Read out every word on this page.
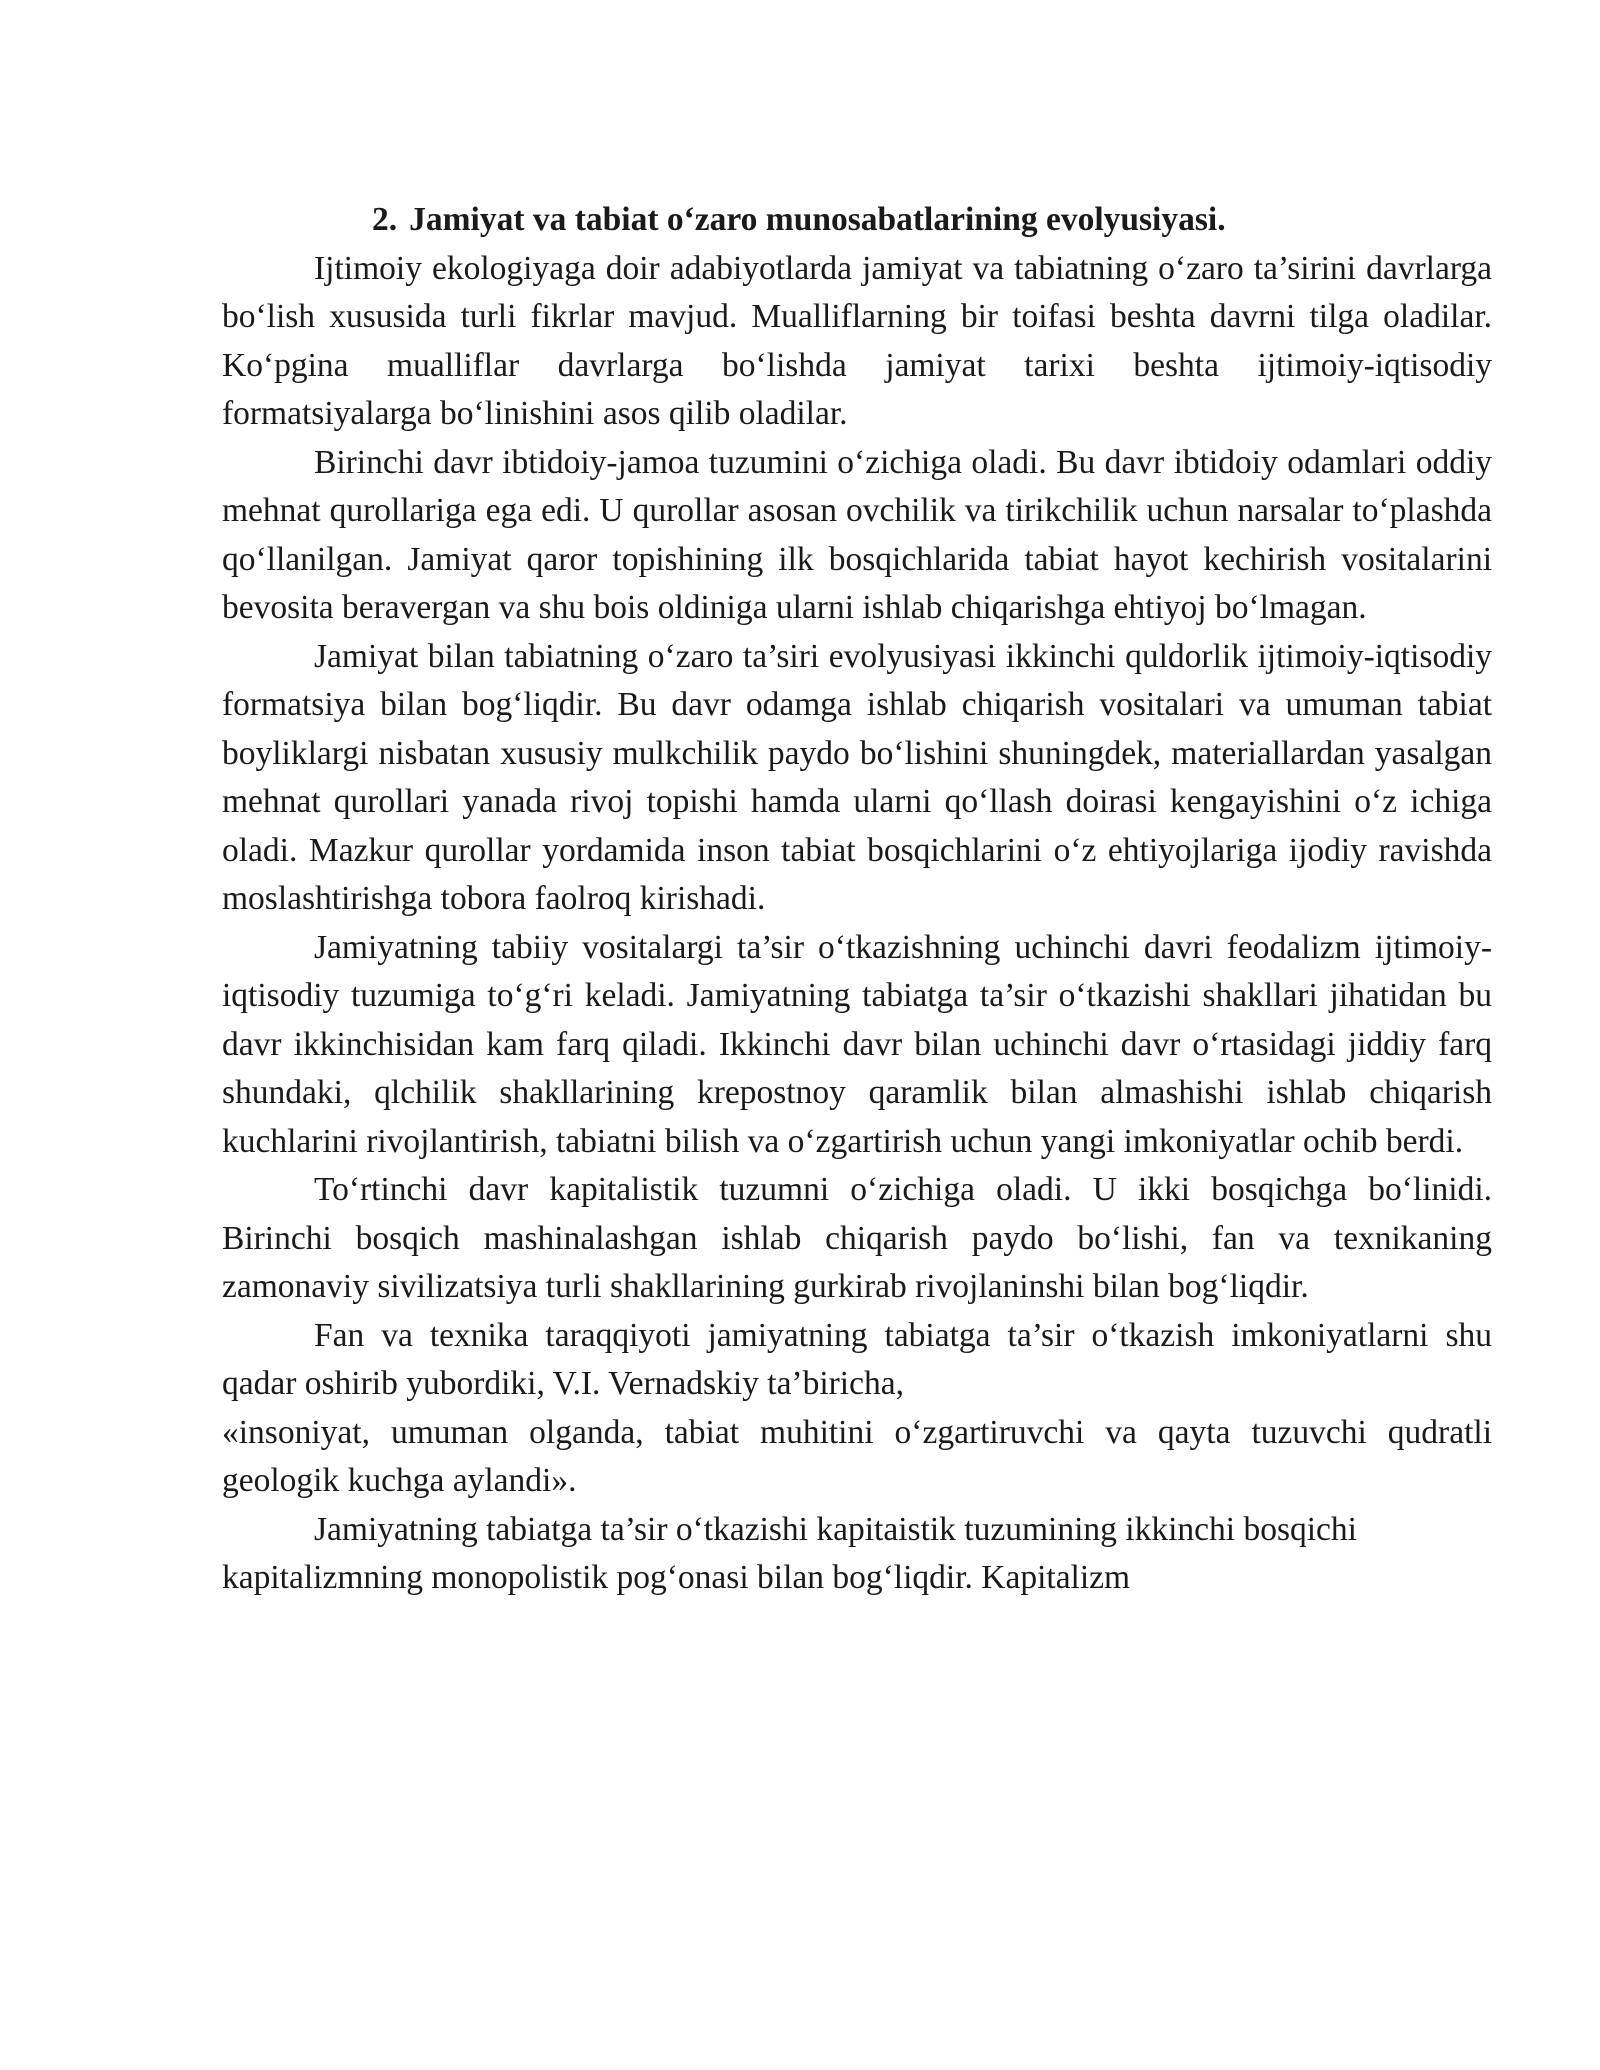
2. Jamiyat va tabiat o‘zaro munosabatlarining evolyusiyasi.

Ijtimoiy ekologiyaga doir adabiyotlarda jamiyat va tabiatning o‘zaro ta’sirini davrlarga bo‘lish xususida turli fikrlar mavjud. Mualliflarning bir toifasi beshta davrni tilga oladilar. Ko‘pgina mualliflar davrlarga bo‘lishda jamiyat tarixi beshta ijtimoiy-iqtisodiy formatsiyalarga bo‘linishini asos qilib oladilar.

Birinchi davr ibtidoiy-jamoa tuzumini o‘zichiga oladi. Bu davr ibtidoiy odamlari oddiy mehnat qurollariga ega edi. U qurollar asosan ovchilik va tirikchilik uchun narsalar to‘plashda qo‘llanilgan. Jamiyat qaror topishining ilk bosqichlarida tabiat hayot kechirish vositalarini bevosita beravergan va shu bois oldiniga ularni ishlab chiqarishga ehtiyoj bo‘lmagan.

Jamiyat bilan tabiatning o‘zaro ta’siri evolyusiyasi ikkinchi quldorlik ijtimoiy-iqtisodiy formatsiya bilan bog‘liqdir. Bu davr odamga ishlab chiqarish vositalari va umuman tabiat boyliklargi nisbatan xususiy mulkchilik paydo bo‘lishini shuningdek, materiallardan yasalgan mehnat qurollari yanada rivoj topishi hamda ularni qo‘llash doirasi kengayishini o‘z ichiga oladi. Mazkur qurollar yordamida inson tabiat bosqichlarini o‘z ehtiyojlariga ijodiy ravishda moslashtirishga tobora faolroq kirishadi.

Jamiyatning tabiiy vositalargi ta’sir o‘tkazishning uchinchi davri feodalizm ijtimoiy-iqtisodiy tuzumiga to‘g‘ri keladi. Jamiyatning tabiatga ta’sir o‘tkazishi shakllari jihatidan bu davr ikkinchisidan kam farq qiladi. Ikkinchi davr bilan uchinchi davr o‘rtasidagi jiddiy farq shundaki, qlchilik shakllarining krepostnoy qaramlik bilan almashishi ishlab chiqarish kuchlarini rivojlantirish, tabiatni bilish va o‘zgartirish uchun yangi imkoniyatlar ochib berdi.

To‘rtinchi davr kapitalistik tuzumni o‘zichiga oladi. U ikki bosqichga bo‘linidi. Birinchi bosqich mashinalashgan ishlab chiqarish paydo bo‘lishi, fan va texnikaning zamonaviy sivilizatsiya turli shakllarining gurkirab rivojlaninshi bilan bog‘liqdir.

Fan va texnika taraqqiyoti jamiyatning tabiatga ta’sir o‘tkazish imkoniyatlarni shu qadar oshirib yubordiki, V.I. Vernadskiy ta’biricha,

«insoniyat, umuman olganda, tabiat muhitini o‘zgartiruvchi va qayta tuzuvchi qudratli geologik kuchga aylandi».

Jamiyatning tabiatga ta’sir o‘tkazishi kapitaistik tuzumining ikkinchi bosqichi kapitalizmning monopolistik pog‘onasi bilan bog‘liqdir. Kapitalizm
